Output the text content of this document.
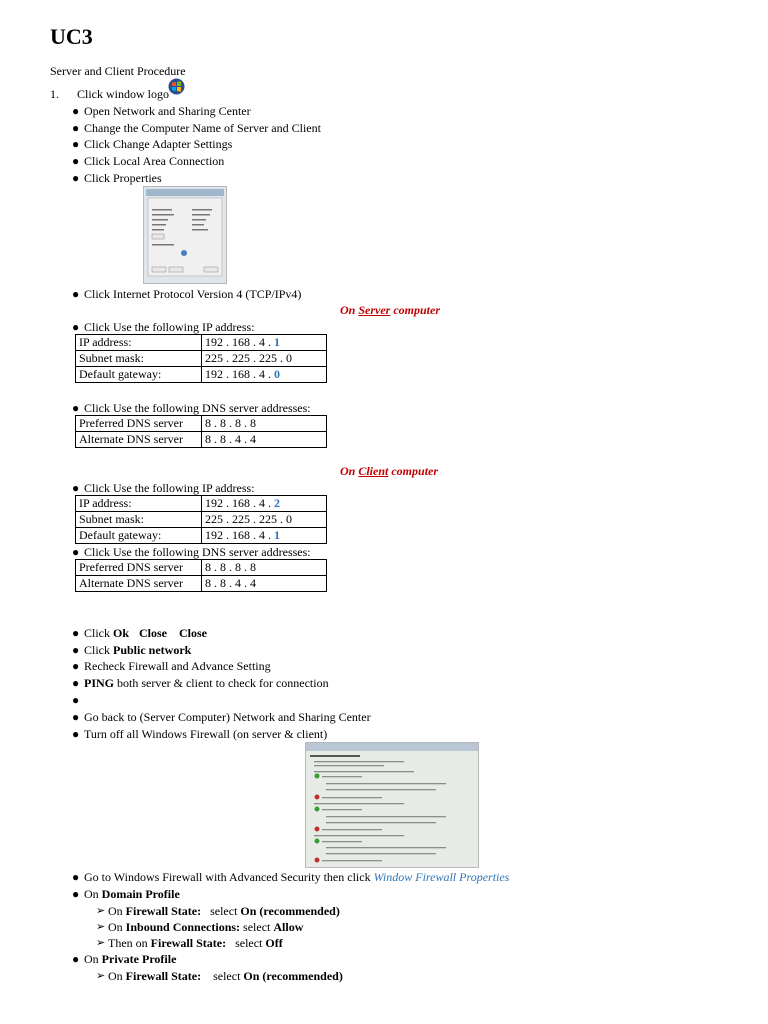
UC3
Server and Client Procedure
1. Click window logo
● Open Network and Sharing Center
● Change the Computer Name of Server and Client
● Click Change Adapter Settings
● Click Local Area Connection
● Click Properties
● Click Internet Protocol Version 4 (TCP/IPv4)
On Server computer
● Click Use the following IP address:
IP address:	192 . 168 . 4 . 1
Subnet mask:	225 . 225 . 225 . 0
Default gateway:	192 . 168 . 4 . 0
● Click Use the following DNS server addresses:
Preferred DNS server	8 . 8 . 8 . 8
Alternate DNS server	8 . 8 . 4 . 4
On Client computer
● Click Use the following IP address:
IP address:	192 . 168 . 4 . 2
Subnet mask:	225 . 225 . 225 . 0
Default gateway:	192 . 168 . 4 . 1
● Click Use the following DNS server addresses:
Preferred DNS server	8 . 8 . 8 . 8
Alternate DNS server	8 . 8 . 4 . 4
● Click Ok Close Close
● Click Public network
● Recheck Firewall and Advance Setting
● PING both server & client to check for connection
●
● Go back to (Server Computer) Network and Sharing Center
● Turn off all Windows Firewall (on server & client)
● Go to Windows Firewall with Advanced Security then click Window Firewall Properties
● On Domain Profile
➢ On Firewall State:   select On (recommended)
➢ On Inbound Connections: select Allow
➢ Then on Firewall State:   select Off
● On Private Profile
➢ On Firewall State:    select On (recommended)
